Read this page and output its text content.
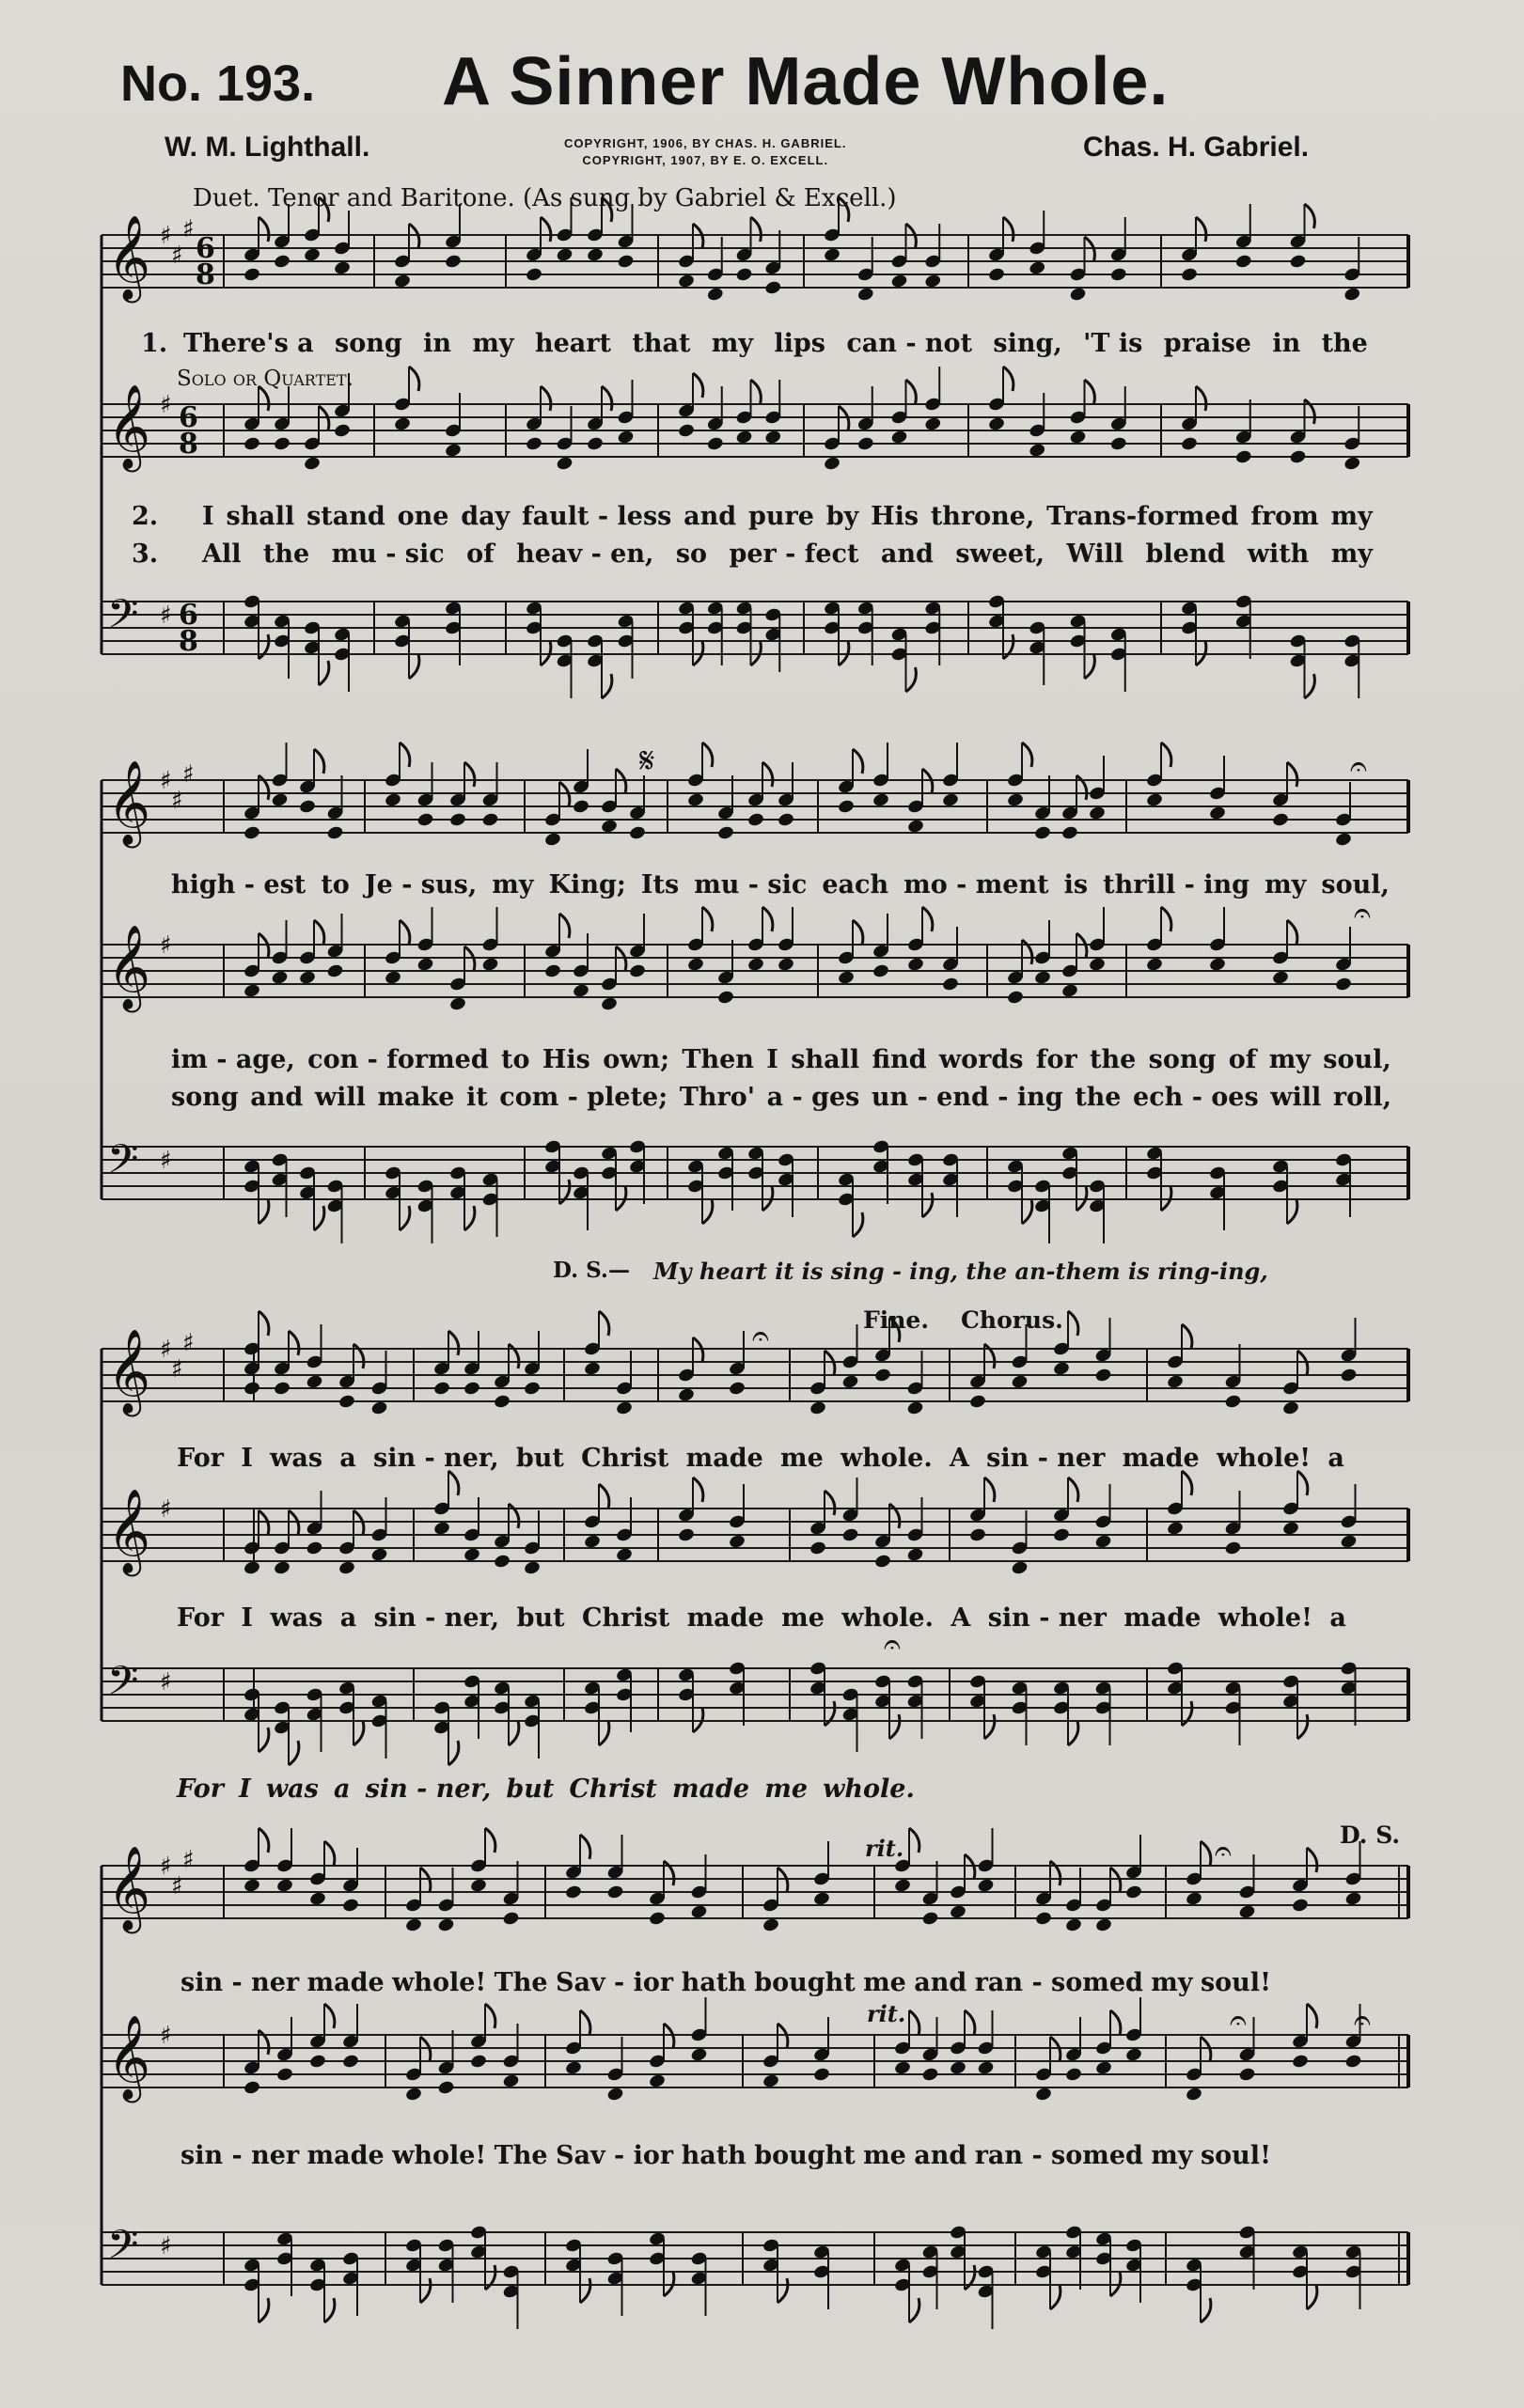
No. 193. A Sinner Made Whole.
W. M. Lighthall.	COPYRIGHT, 1906, BY CHAS. H. GABRIEL.
COPYRIGHT, 1907, BY E. O. EXCELL.	Chas. H. Gabriel.
Duet. Tenor and Baritone. (As sung by Gabriel & Excell.)
Solo or Quartet.
Fine. Chorus.
D. S.
rit.
rit.
D. S.— My heart it is sing - ing, the an-them is ring-ing,
𝄞 ♯
♯
♯
6
8
𝄞 ♯ 6
8
𝄢 ♯ 6
8
𝄞 ♯
♯
♯
𝄞 ♯
𝄢 ♯
𝄞 ♯
♯
♯
𝄞 ♯
𝄢 ♯
𝄞 ♯
♯
♯
𝄞 ♯
𝄢 ♯
𝄋	𝄐
𝄐
𝄐
𝄐
𝄐	𝄐
𝄐
1. There's a song in my heart that my lips can - not sing, 'T is praise in the
2. I shall stand one day fault - less and pure by His throne, Trans-formed from my
3. All the mu - sic of heav - en, so per - fect and sweet, Will blend with my
high - est to Je - sus, my King; Its mu - sic each mo - ment is thrill - ing my soul,
im - age, con - formed to His own; Then I shall find words for the song of my soul,
song and will make it com - plete; Thro' a - ges un - end - ing the ech - oes will roll,
For I was a sin - ner, but Christ made me whole. A sin - ner made whole! a
For I was a sin - ner, but Christ made me whole. A sin - ner made whole! a
For I was a sin - ner, but Christ made me whole.
sin - ner made whole! The Sav - ior hath bought me and ran - somed my soul!
sin - ner made whole! The Sav - ior hath bought me and ran - somed my soul!
